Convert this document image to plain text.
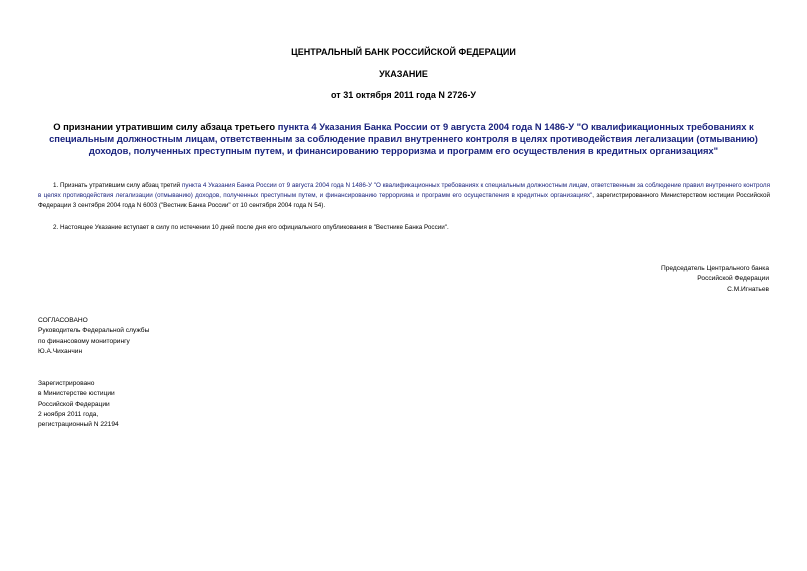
ЦЕНТРАЛЬНЫЙ БАНК РОССИЙСКОЙ ФЕДЕРАЦИИ
УКАЗАНИЕ
от 31 октября 2011 года N 2726-У
О признании утратившим силу абзаца третьего пункта 4 Указания Банка России от 9 августа 2004 года N 1486-У "О квалификационных требованиях к специальным должностным лицам, ответственным за соблюдение правил внутреннего контроля в целях противодействия легализации (отмыванию) доходов, полученных преступным путем, и финансированию терроризма и программ его осуществления в кредитных организациях"
1. Признать утратившим силу абзац третий пункта 4 Указания Банка России от 9 августа 2004 года N 1486-У "О квалификационных требованиях к специальным должностным лицам, ответственным за соблюдение правил внутреннего контроля в целях противодействия легализации (отмыванию) доходов, полученных преступным путем, и финансированию терроризма и программ его осуществления в кредитных организациях", зарегистрированного Министерством юстиции Российской Федерации 3 сентября 2004 года N 6003 ("Вестник Банка России" от 10 сентября 2004 года N 54).
2. Настоящее Указание вступает в силу по истечении 10 дней после дня его официального опубликования в "Вестнике Банка России".
Председатель Центрального банка
Российской Федерации
С.М.Игнатьев
СОГЛАСОВАНО
Руководитель Федеральной службы
по финансовому мониторингу
Ю.А.Чиханчин
Зарегистрировано
в Министерстве юстиции
Российской Федерации
2 ноября 2011 года,
регистрационный N 22194
